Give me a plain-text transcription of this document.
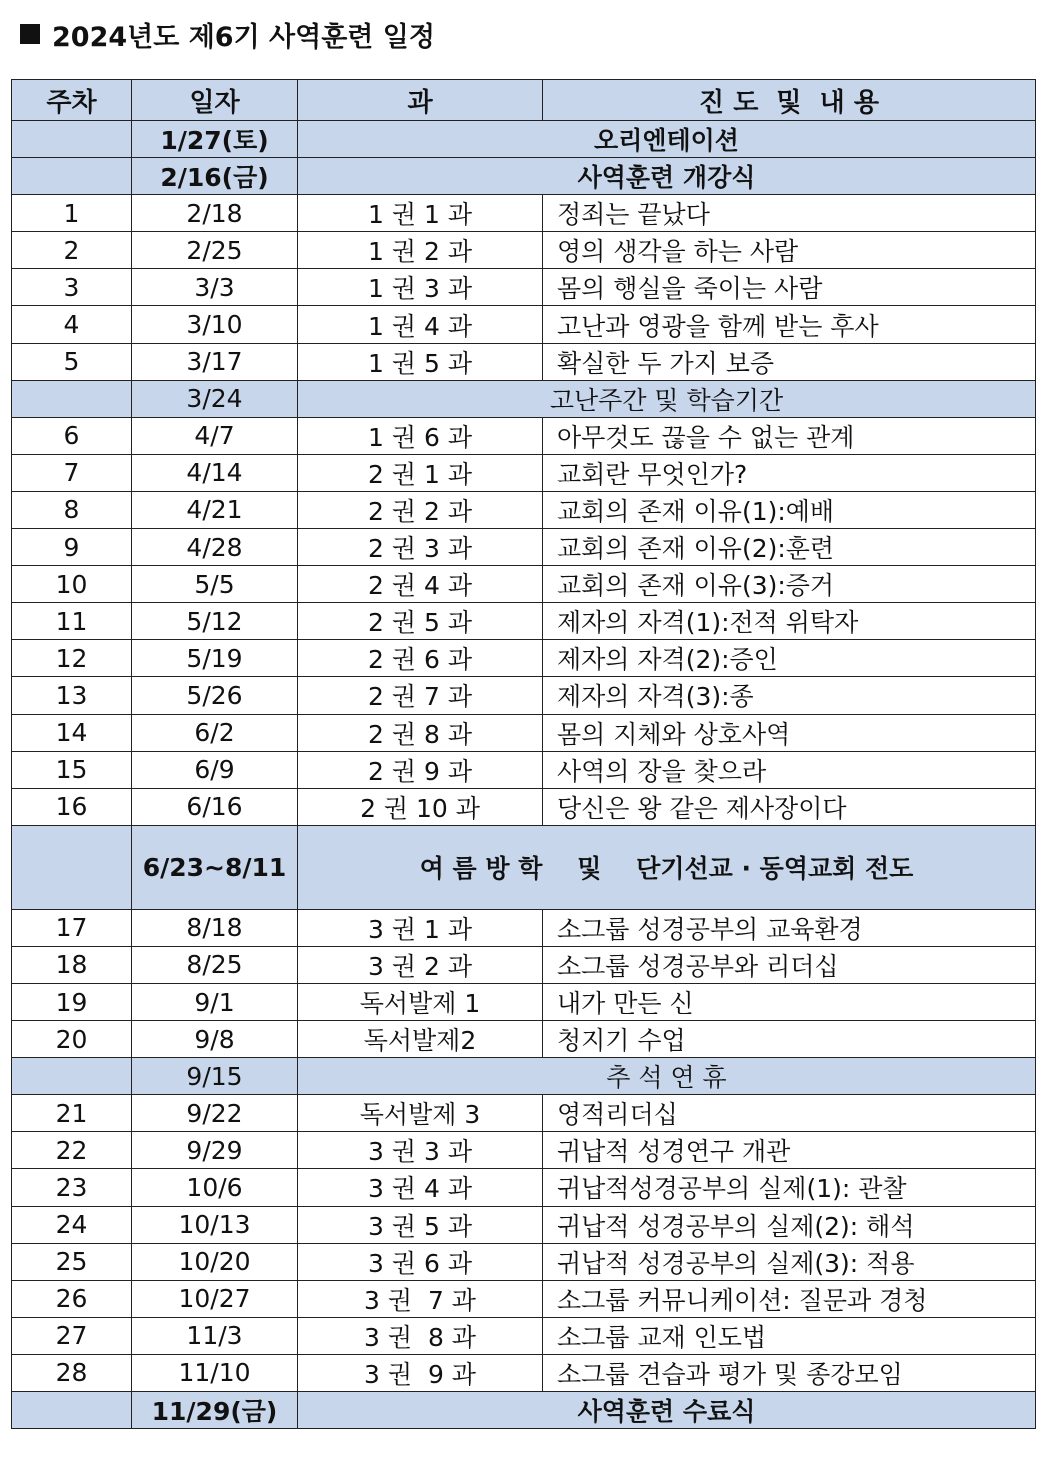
2024년도 제6기 사역훈련 일정
주차	일자	과	진 도  및  내 용
	1/27(토)	오리엔테이션	
	2/16(금)	사역훈련 개강식	
1	2/18	1 권 1 과	정죄는 끝났다
2	2/25	1 권 2 과	영의 생각을 하는 사람
3	3/3	1 권 3 과	몸의 행실을 죽이는 사람
4	3/10	1 권 4 과	고난과 영광을 함께 받는 후사
5	3/17	1 권 5 과	확실한 두 가지 보증
	3/24	고난주간 및 학습기간	
6	4/7	1 권 6 과	아무것도 끊을 수 없는 관계
7	4/14	2 권 1 과	교회란 무엇인가?
8	4/21	2 권 2 과	교회의 존재 이유(1):예배
9	4/28	2 권 3 과	교회의 존재 이유(2):훈련
10	5/5	2 권 4 과	교회의 존재 이유(3):증거
11	5/12	2 권 5 과	제자의 자격(1):전적 위탁자
12	5/19	2 권 6 과	제자의 자격(2):증인
13	5/26	2 권 7 과	제자의 자격(3):종
14	6/2	2 권 8 과	몸의 지체와 상호사역
15	6/9	2 권 9 과	사역의 장을 찾으라
16	6/16	2 권 10 과	당신은 왕 같은 제사장이다
	6/23~8/11	여 름 방 학    및    단기선교 · 동역교회 전도	
17	8/18	3 권 1 과	소그룹 성경공부의 교육환경
18	8/25	3 권 2 과	소그룹 성경공부와 리더십
19	9/1	독서발제 1	내가 만든 신
20	9/8	독서발제2	청지기 수업
	9/15	추 석 연 휴	
21	9/22	독서발제 3	영적리더십
22	9/29	3 권 3 과	귀납적 성경연구 개관
23	10/6	3 권 4 과	귀납적성경공부의 실제(1): 관찰
24	10/13	3 권 5 과	귀납적 성경공부의 실제(2): 해석
25	10/20	3 권 6 과	귀납적 성경공부의 실제(3): 적용
26	10/27	3 권  7 과	소그룹 커뮤니케이션: 질문과 경청
27	11/3	3 권  8 과	소그룹 교재 인도법
28	11/10	3 권  9 과	소그룹 견습과 평가 및 종강모임
	11/29(금)	사역훈련 수료식	
